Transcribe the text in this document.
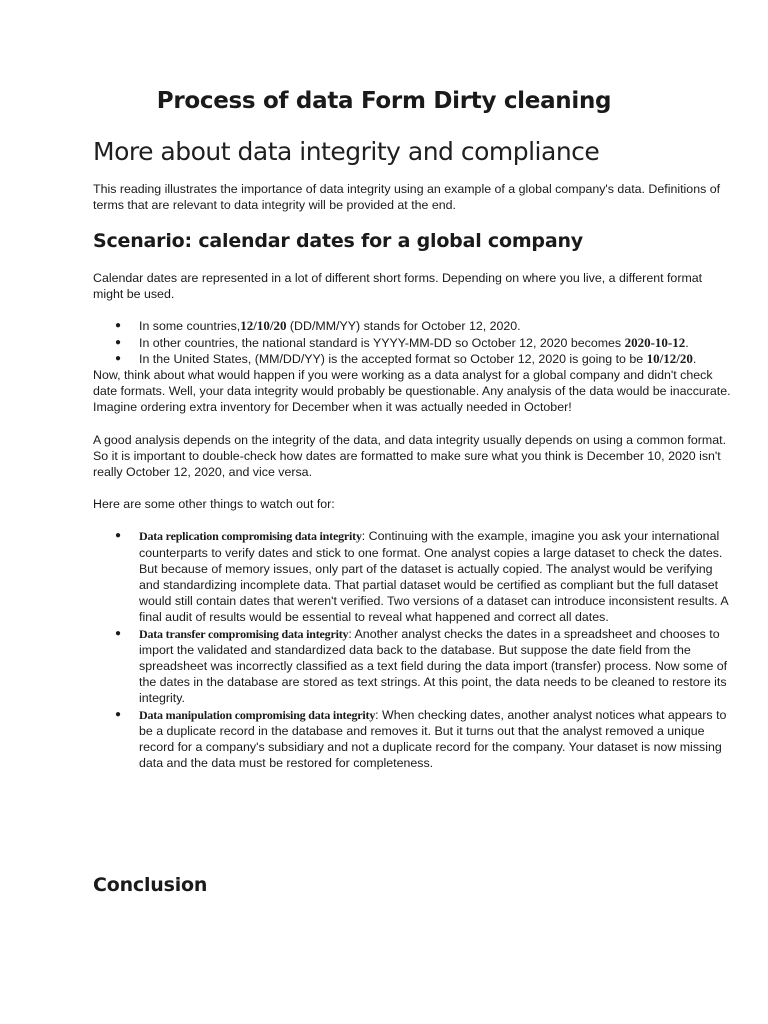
Process of data Form Dirty cleaning
More about data integrity and compliance

This reading illustrates the importance of data integrity using an example of a global company's data. Definitions of terms that are relevant to data integrity will be provided at the end.

Scenario: calendar dates for a global company

Calendar dates are represented in a lot of different short forms. Depending on where you live, a different format might be used.

● In some countries,12/10/20 (DD/MM/YY) stands for October 12, 2020.
● In other countries, the national standard is YYYY-MM-DD so October 12, 2020 becomes 2020-10-12.
● In the United States, (MM/DD/YY) is the accepted format so October 12, 2020 is going to be 10/12/20.

Now, think about what would happen if you were working as a data analyst for a global company and didn't check date formats. Well, your data integrity would probably be questionable. Any analysis of the data would be inaccurate. Imagine ordering extra inventory for December when it was actually needed in October!

A good analysis depends on the integrity of the data, and data integrity usually depends on using a common format. So it is important to double-check how dates are formatted to make sure what you think is December 10, 2020 isn't really October 12, 2020, and vice versa.

Here are some other things to watch out for:

● Data replication compromising data integrity: Continuing with the example, imagine you ask your international counterparts to verify dates and stick to one format. One analyst copies a large dataset to check the dates. But because of memory issues, only part of the dataset is actually copied. The analyst would be verifying and standardizing incomplete data. That partial dataset would be certified as compliant but the full dataset would still contain dates that weren't verified. Two versions of a dataset can introduce inconsistent results. A final audit of results would be essential to reveal what happened and correct all dates.
● Data transfer compromising data integrity: Another analyst checks the dates in a spreadsheet and chooses to import the validated and standardized data back to the database. But suppose the date field from the spreadsheet was incorrectly classified as a text field during the data import (transfer) process. Now some of the dates in the database are stored as text strings. At this point, the data needs to be cleaned to restore its integrity.
● Data manipulation compromising data integrity: When checking dates, another analyst notices what appears to be a duplicate record in the database and removes it. But it turns out that the analyst removed a unique record for a company's subsidiary and not a duplicate record for the company. Your dataset is now missing data and the data must be restored for completeness.
Conclusion
